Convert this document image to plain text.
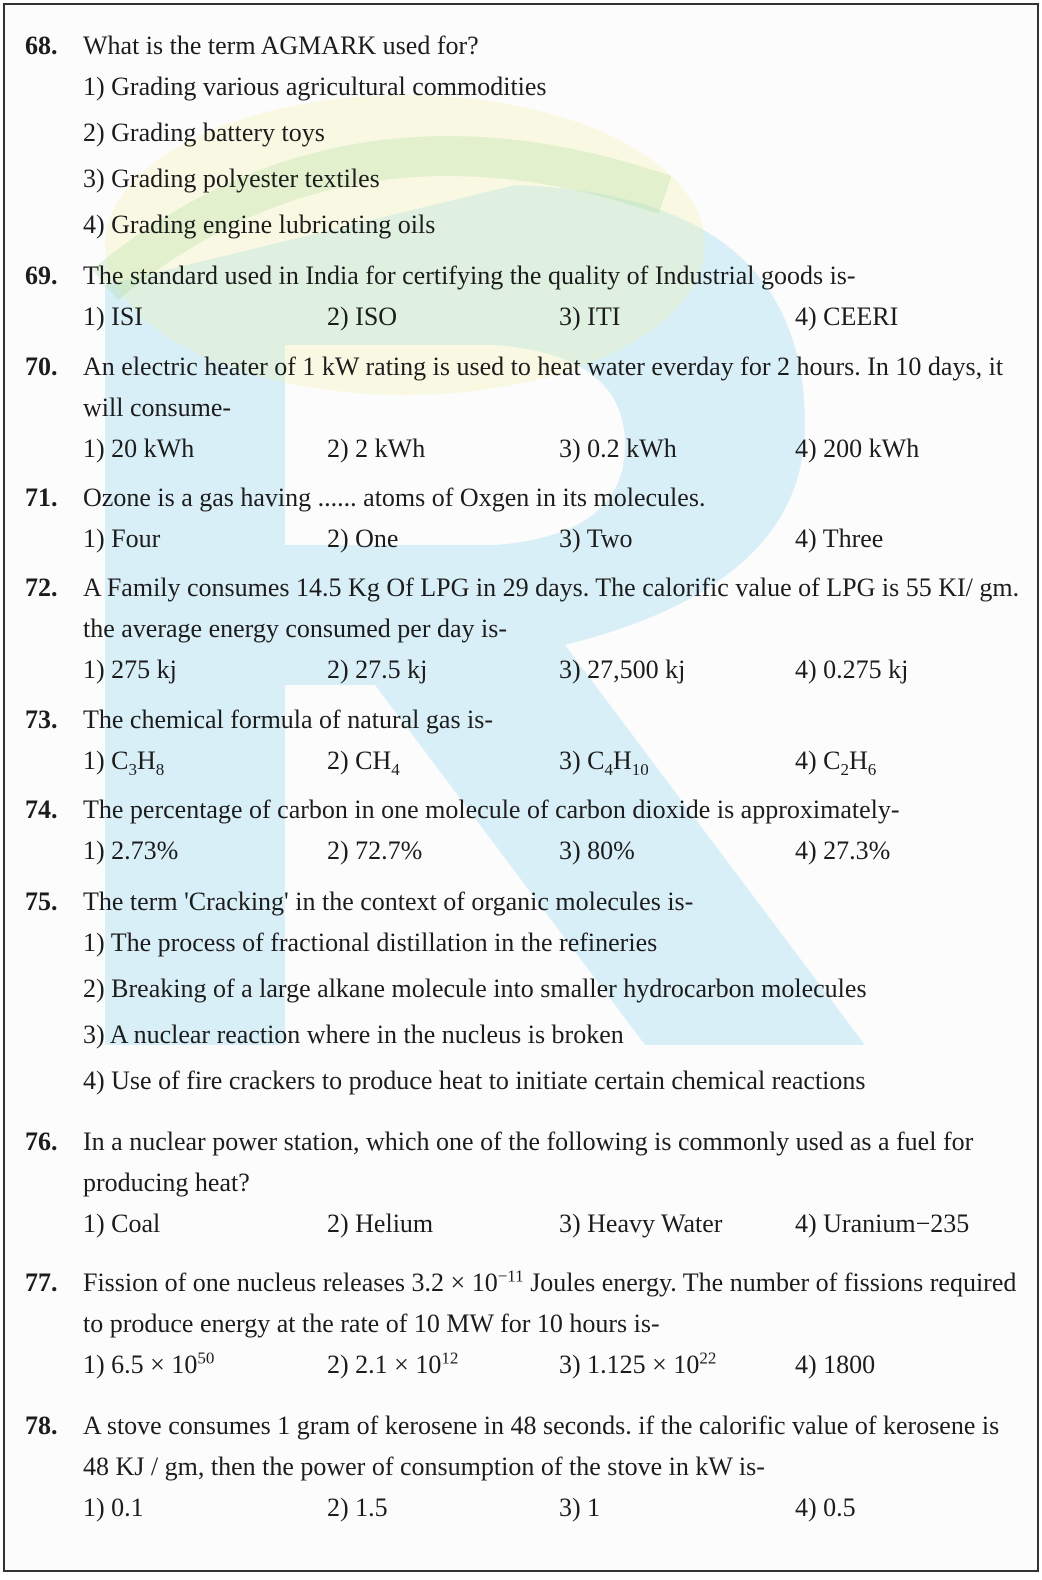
68. What is the term AGMARK used for?
1) Grading various agricultural commodities
2) Grading battery toys
3) Grading polyester textiles
4) Grading engine lubricating oils
69. The standard used in India for certifying the quality of Industrial goods is-
1) ISI	2) ISO	3) ITI	4) CEERI
70. An electric heater of 1 kW rating is used to heat water everday for 2 hours. In 10 days, it will consume-
1) 20 kWh	2) 2 kWh	3) 0.2 kWh	4) 200 kWh
71. Ozone is a gas having ...... atoms of Oxgen in its molecules.
1) Four	2) One	3) Two	4) Three
72. A Family consumes 14.5 Kg Of LPG in 29 days. The calorific value of LPG is 55 KI/ gm. the average energy consumed per day is-
1) 275 kj	2) 27.5 kj	3) 27,500 kj	4) 0.275 kj
73. The chemical formula of natural gas is-
1) $C_3H_8$	2) $CH_4$	3) $C_4H_{10}$	4) $C_2H_6$
74. The percentage of carbon in one molecule of carbon dioxide is approximately-
1) 2.73%	2) 72.7%	3) 80%	4) 27.3%
75. The term 'Cracking' in the context of organic molecules is-
1) The process of fractional distillation in the refineries
2) Breaking of a large alkane molecule into smaller hydrocarbon molecules
3) A nuclear reaction where in the nucleus is broken
4) Use of fire crackers to produce heat to initiate certain chemical reactions
76. In a nuclear power station, which one of the following is commonly used as a fuel for producing heat?
1) Coal	2) Helium	3) Heavy Water	4) Uranium−235
77. Fission of one nucleus releases $3.2 \times 10^{-11}$ Joules energy. The number of fissions required to produce energy at the rate of 10 MW for 10 hours is-
1) $6.5 \times 10^{50}$	2) $2.1 \times 10^{12}$	3) $1.125 \times 10^{22}$	4) 1800
78. A stove consumes 1 gram of kerosene in 48 seconds. if the calorific value of kerosene is 48 KJ / gm, then the power of consumption of the stove in kW is-
1) 0.1	2) 1.5	3) 1	4) 0.5
